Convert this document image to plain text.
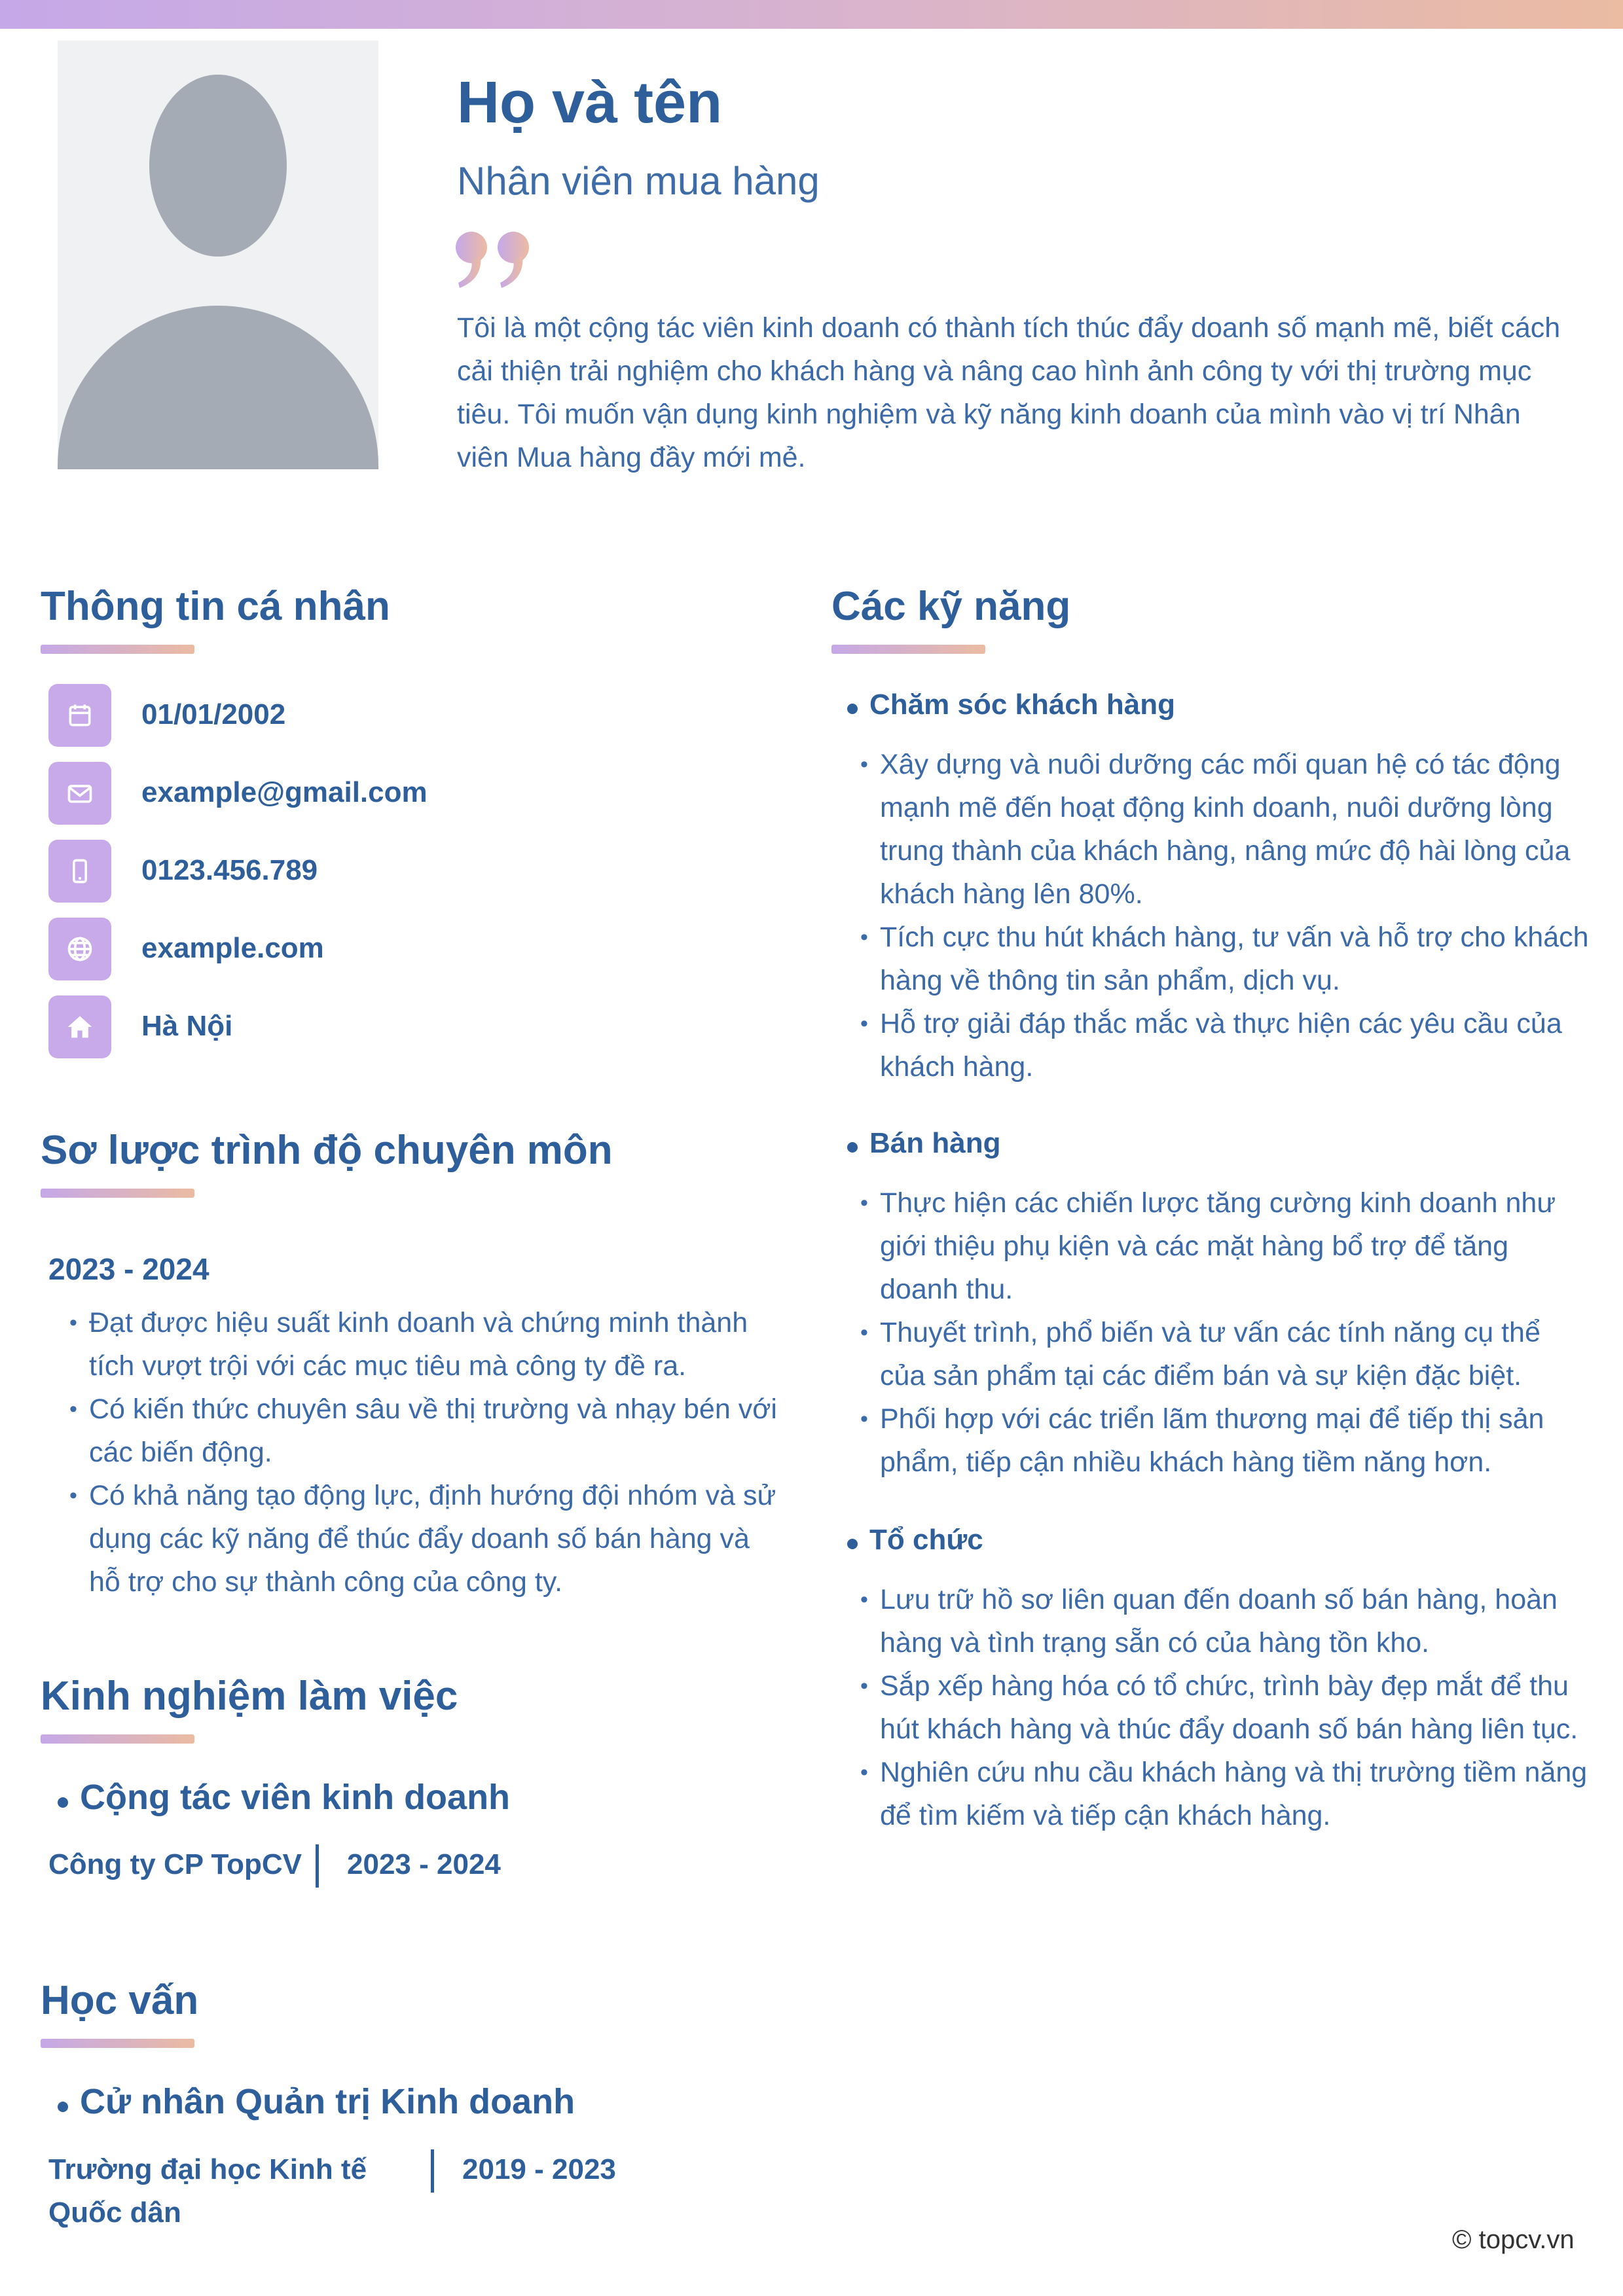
Họ và tên
Nhân viên mua hàng
Tôi là một cộng tác viên kinh doanh có thành tích thúc đẩy doanh số mạnh mẽ, biết cách cải thiện trải nghiệm cho khách hàng và nâng cao hình ảnh công ty với thị trường mục tiêu. Tôi muốn vận dụng kinh nghiệm và kỹ năng kinh doanh của mình vào vị trí Nhân viên Mua hàng đầy mới mẻ.
Thông tin cá nhân
01/01/2002
example@gmail.com
0123.456.789
example.com
Hà Nội
Sơ lược trình độ chuyên môn
2023 - 2024
• Đạt được hiệu suất kinh doanh và chứng minh thành tích vượt trội với các mục tiêu mà công ty đề ra.
• Có kiến thức chuyên sâu về thị trường và nhạy bén với các biến động.
• Có khả năng tạo động lực, định hướng đội nhóm và sử dụng các kỹ năng để thúc đẩy doanh số bán hàng và hỗ trợ cho sự thành công của công ty.
Kinh nghiệm làm việc
Cộng tác viên kinh doanh
Công ty CP TopCV 2023 - 2024
Học vấn
Cử nhân Quản trị Kinh doanh
Trường đại học Kinh tế
Quốc dân
2019 - 2023
Các kỹ năng
Chăm sóc khách hàng
• Xây dựng và nuôi dưỡng các mối quan hệ có tác động mạnh mẽ đến hoạt động kinh doanh, nuôi dưỡng lòng trung thành của khách hàng, nâng mức độ hài lòng của khách hàng lên 80%.
• Tích cực thu hút khách hàng, tư vấn và hỗ trợ cho khách hàng về thông tin sản phẩm, dịch vụ.
• Hỗ trợ giải đáp thắc mắc và thực hiện các yêu cầu của khách hàng.
Bán hàng
• Thực hiện các chiến lược tăng cường kinh doanh như giới thiệu phụ kiện và các mặt hàng bổ trợ để tăng doanh thu.
• Thuyết trình, phổ biến và tư vấn các tính năng cụ thể của sản phẩm tại các điểm bán và sự kiện đặc biệt.
• Phối hợp với các triển lãm thương mại để tiếp thị sản phẩm, tiếp cận nhiều khách hàng tiềm năng hơn.
Tổ chức
• Lưu trữ hồ sơ liên quan đến doanh số bán hàng, hoàn hàng và tình trạng sẵn có của hàng tồn kho.
• Sắp xếp hàng hóa có tổ chức, trình bày đẹp mắt để thu hút khách hàng và thúc đẩy doanh số bán hàng liên tục.
• Nghiên cứu nhu cầu khách hàng và thị trường tiềm năng để tìm kiếm và tiếp cận khách hàng.
© topcv.vn
